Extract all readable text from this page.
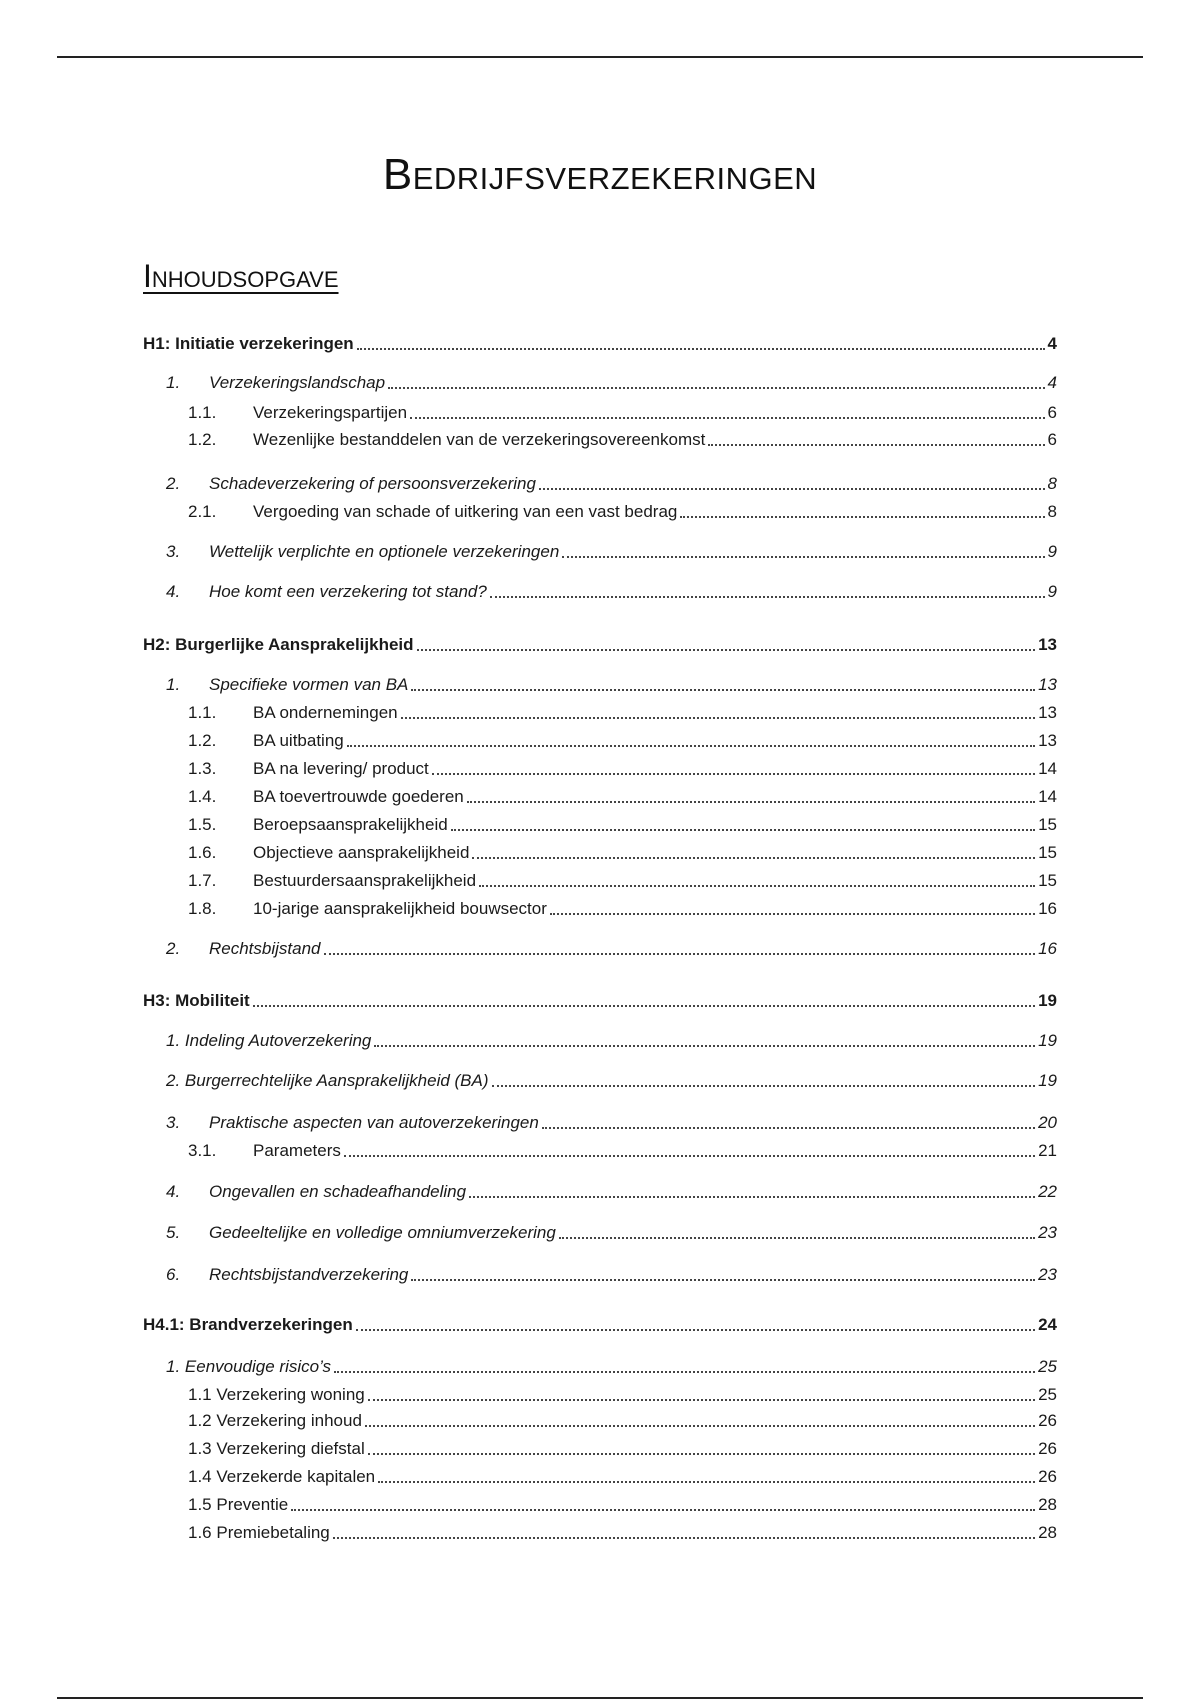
Bedrijfsverzekeringen
Inhoudsopgave
H1: Initiatie verzekeringen	4
1.	Verzekeringslandschap	4
1.1.	Verzekeringspartijen	6
1.2.	Wezenlijke bestanddelen van de verzekeringsovereenkomst	6
2.	Schadeverzekering of persoonsverzekering	8
2.1.	Vergoeding van schade of uitkering van een vast bedrag	8
3.	Wettelijk verplichte en optionele verzekeringen	9
4.	Hoe komt een verzekering tot stand?	9
H2: Burgerlijke Aansprakelijkheid	13
1.	Specifieke vormen van BA	13
1.1.	BA ondernemingen	13
1.2.	BA uitbating	13
1.3.	BA na levering/ product	14
1.4.	BA toevertrouwde goederen	14
1.5.	Beroepsaansprakelijkheid	15
1.6.	Objectieve aansprakelijkheid	15
1.7.	Bestuurdersaansprakelijkheid	15
1.8.	10-jarige aansprakelijkheid bouwsector	16
2.	Rechtsbijstand	16
H3: Mobiliteit	19
1. Indeling Autoverzekering	19
2. Burgerrechtelijke Aansprakelijkheid (BA)	19
3.	Praktische aspecten van autoverzekeringen	20
3.1.	Parameters	21
4.	Ongevallen en schadeafhandeling	22
5.	Gedeeltelijke en volledige omniumverzekering	23
6.	Rechtsbijstandverzekering	23
H4.1: Brandverzekeringen	24
1. Eenvoudige risico’s	25
1.1 Verzekering woning	25
1.2 Verzekering inhoud	26
1.3 Verzekering diefstal	26
1.4 Verzekerde kapitalen	26
1.5 Preventie	28
1.6 Premiebetaling	28
